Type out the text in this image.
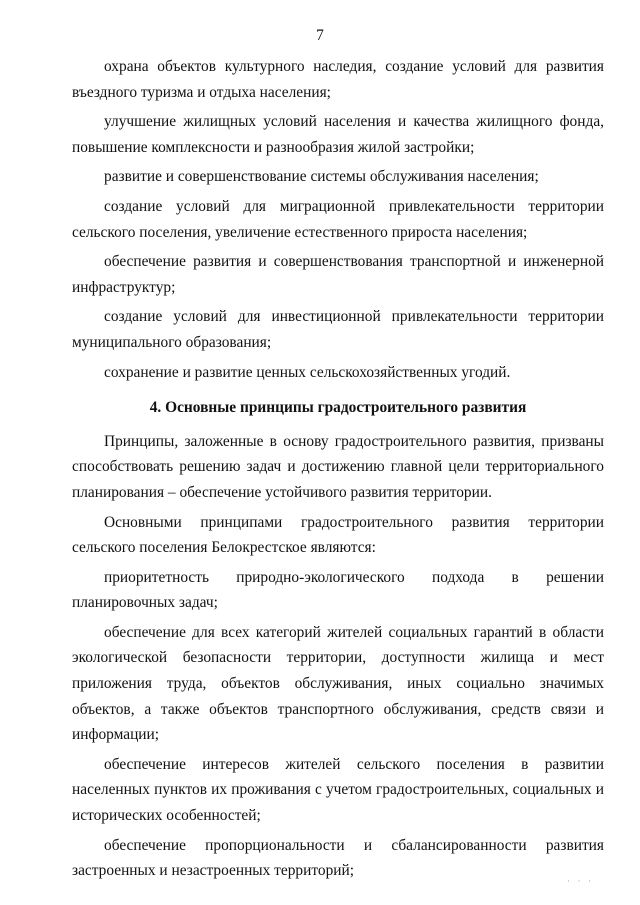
7

охрана объектов культурного наследия, создание условий для развития въездного туризма и отдыха населения;

улучшение жилищных условий населения и качества жилищного фонда, повышение комплексности и разнообразия жилой застройки;

развитие и совершенствование системы обслуживания населения;

создание условий для миграционной привлекательности территории сельского поселения, увеличение естественного прироста населения;

обеспечение развития и совершенствования транспортной и инженерной инфраструктур;

создание условий для инвестиционной привлекательности территории муниципального образования;

сохранение и развитие ценных сельскохозяйственных угодий.

4. Основные принципы градостроительного развития

Принципы, заложенные в основу градостроительного развития, призваны способствовать решению задач и достижению главной цели территориального планирования – обеспечение устойчивого развития территории.

Основными принципами градостроительного развития территории сельского поселения Белокрестское являются:

приоритетность природно-экологического подхода в решении планировочных задач;

обеспечение для всех категорий жителей социальных гарантий в области экологической безопасности территории, доступности жилища и мест приложения труда, объектов обслуживания, иных социально значимых объектов, а также объектов транспортного обслуживания, средств связи и информации;

обеспечение интересов жителей сельского поселения в развитии населенных пунктов их проживания с учетом градостроительных, социальных и исторических особенностей;

обеспечение пропорциональности и сбалансированности развития застроенных и незастроенных территорий;

· · ·
